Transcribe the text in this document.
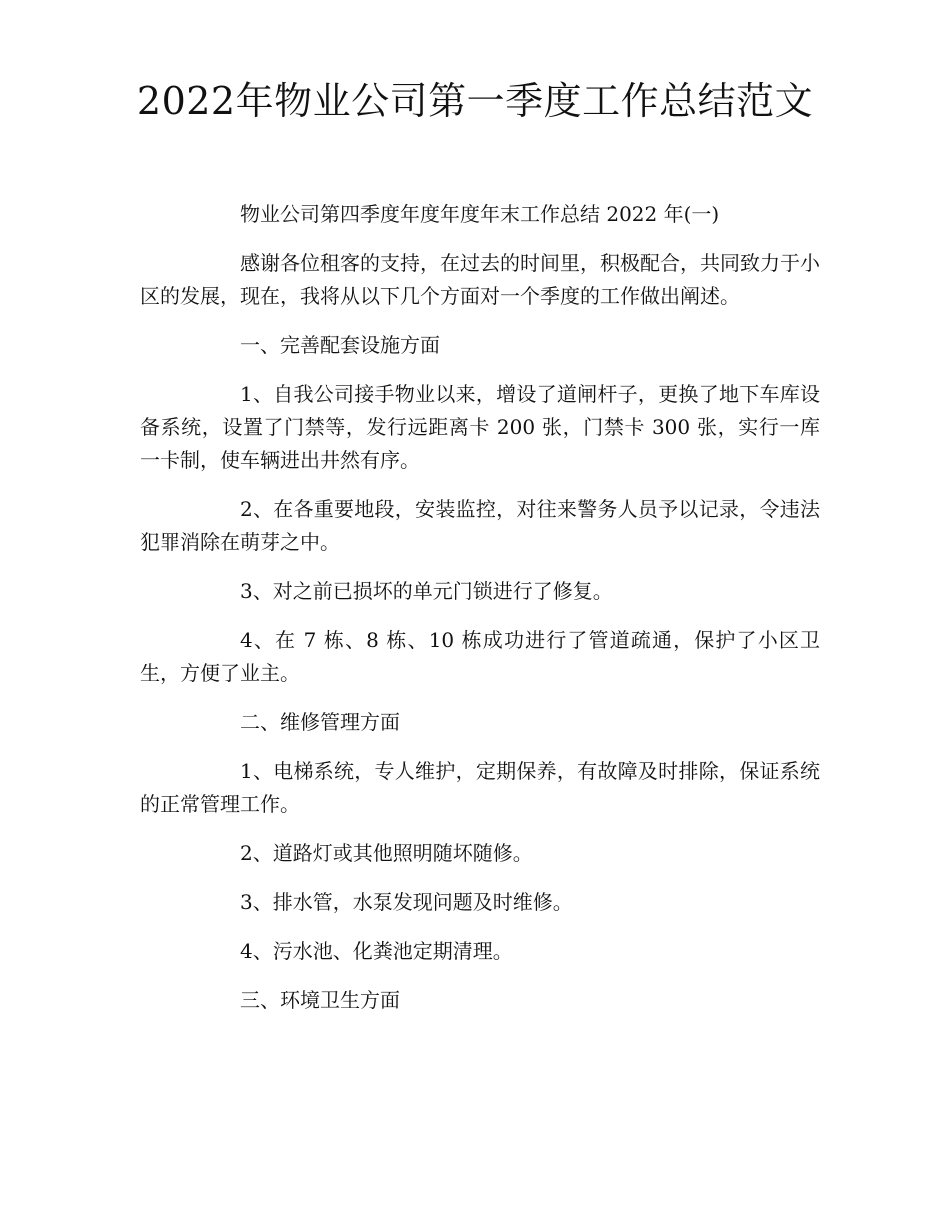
2022年物业公司第一季度工作总结范文

物业公司第四季度年度年度年末工作总结 2022 年(一)

感谢各位租客的支持，在过去的时间里，积极配合，共同致力于小区的发展，现在，我将从以下几个方面对一个季度的工作做出阐述。

一、完善配套设施方面

1、自我公司接手物业以来，增设了道闸杆子，更换了地下车库设备系统，设置了门禁等，发行远距离卡 200 张，门禁卡 300 张，实行一库一卡制，使车辆进出井然有序。

2、在各重要地段，安装监控，对往来警务人员予以记录，令违法犯罪消除在萌芽之中。

3、对之前已损坏的单元门锁进行了修复。

4、在 7 栋、8 栋、10 栋成功进行了管道疏通，保护了小区卫生，方便了业主。

二、维修管理方面

1、电梯系统，专人维护，定期保养，有故障及时排除，保证系统的正常管理工作。

2、道路灯或其他照明随坏随修。

3、排水管，水泵发现问题及时维修。

4、污水池、化粪池定期清理。

三、环境卫生方面
